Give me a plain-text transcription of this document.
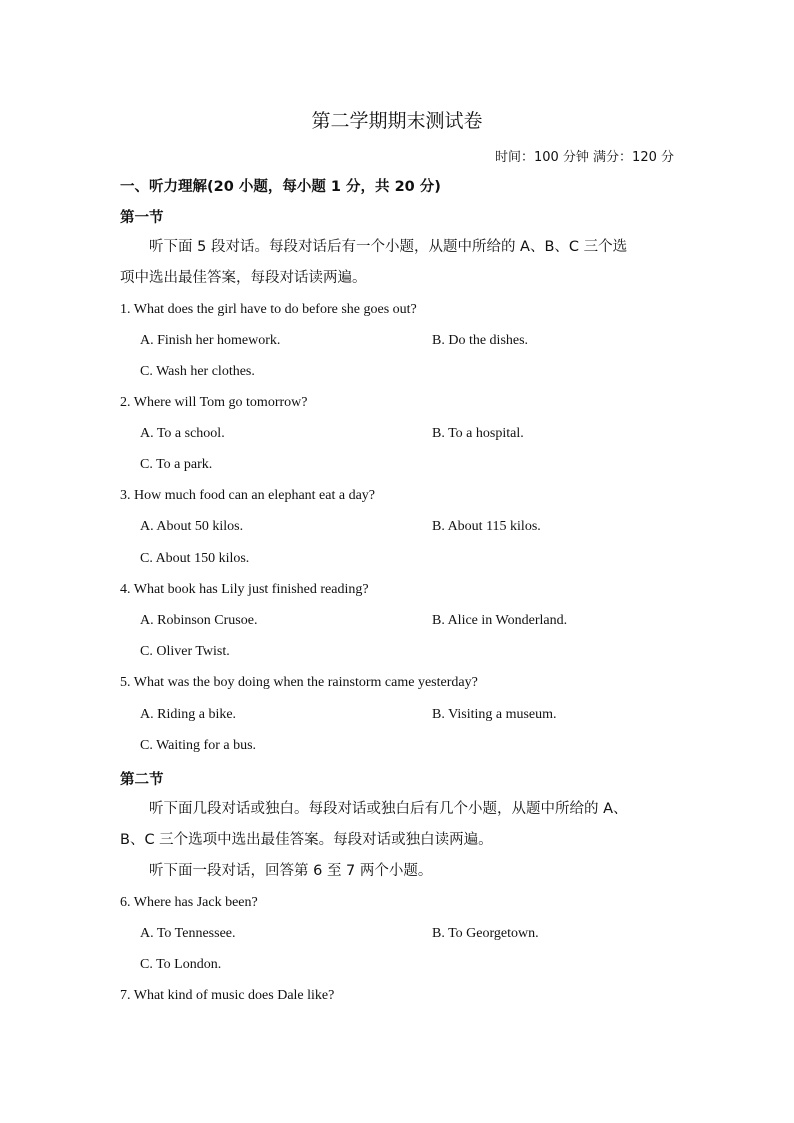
第二学期期末测试卷
时间：100 分钟 满分：120 分
一、听力理解(20 小题，每小题 1 分，共 20 分)
第一节
听下面 5 段对话。每段对话后有一个小题，从题中所给的 A、B、C 三个选
项中选出最佳答案，每段对话读两遍。
1. What does the girl have to do before she goes out?
A. Finish her homework.	B. Do the dishes.
C. Wash her clothes.
2. Where will Tom go tomorrow?
A. To a school.	B. To a hospital.
C. To a park.
3. How much food can an elephant eat a day?
A. About 50 kilos.	B. About 115 kilos.
C. About 150 kilos.
4. What book has Lily just finished reading?
A. Robinson Crusoe.	B. Alice in Wonderland.
C. Oliver Twist.
5. What was the boy doing when the rainstorm came yesterday?
A. Riding a bike.	B. Visiting a museum.
C. Waiting for a bus.
第二节
听下面几段对话或独白。每段对话或独白后有几个小题，从题中所给的 A、
B、C 三个选项中选出最佳答案。每段对话或独白读两遍。
听下面一段对话，回答第 6 至 7 两个小题。
6. Where has Jack been?
A. To Tennessee.	B. To Georgetown.
C. To London.
7. What kind of music does Dale like?
